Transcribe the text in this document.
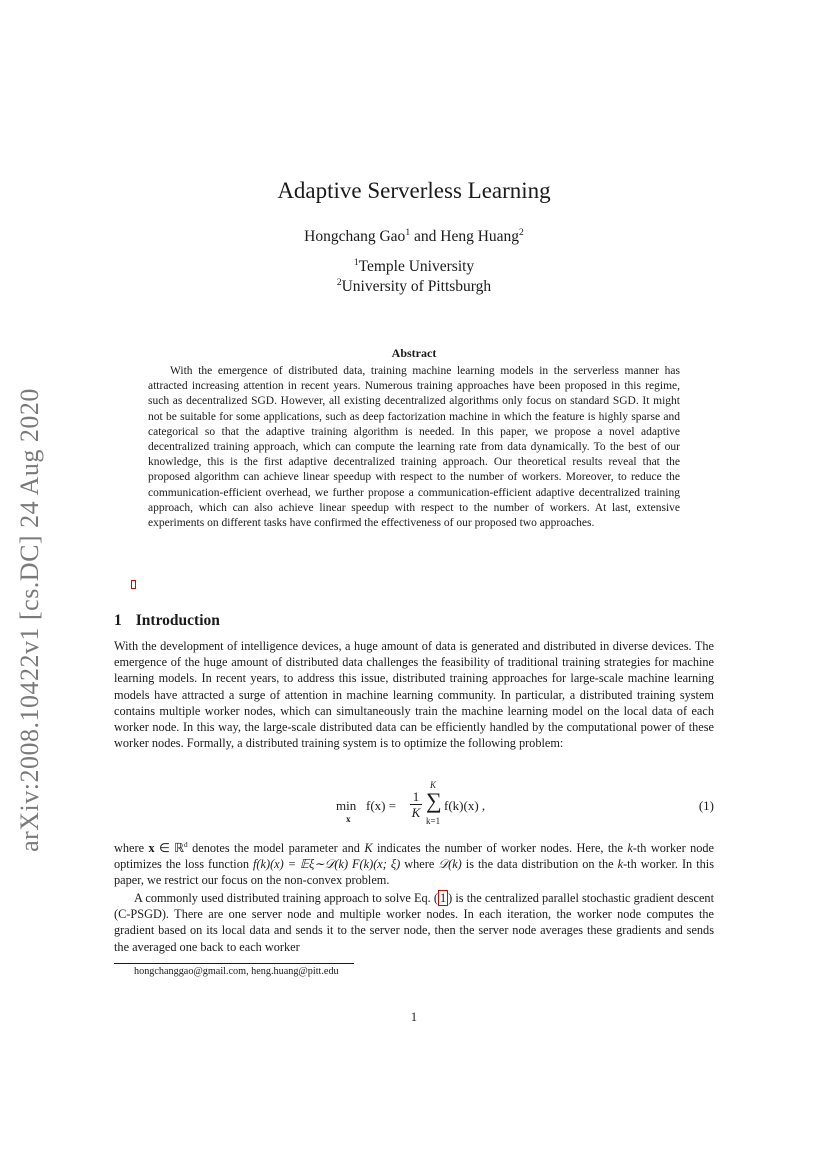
arXiv:2008.10422v1 [cs.DC] 24 Aug 2020
Adaptive Serverless Learning
Hongchang Gao$^1$ and Heng Huang$^2$
$^1$Temple University
$^2$University of Pittsburgh
Abstract

With the emergence of distributed data, training machine learning models in the serverless manner has attracted increasing attention in recent years. Numerous training approaches have been proposed in this regime, such as decentralized SGD. However, all existing decentralized algorithms only focus on standard SGD. It might not be suitable for some applications, such as deep factorization machine in which the feature is highly sparse and categorical so that the adaptive training algorithm is needed. In this paper, we propose a novel adaptive decentralized training approach, which can compute the learning rate from data dynamically. To the best of our knowledge, this is the first adaptive decentralized training approach. Our theoretical results reveal that the proposed algorithm can achieve linear speedup with respect to the number of workers. Moreover, to reduce the communication-efficient overhead, we further propose a communication-efficient adaptive decentralized training approach, which can also achieve linear speedup with respect to the number of workers. At last, extensive experiments on different tasks have confirmed the effectiveness of our proposed two approaches.

1 Introduction

With the development of intelligence devices, a huge amount of data is generated and distributed in diverse devices. The emergence of the huge amount of distributed data challenges the feasibility of traditional training strategies for machine learning models. In recent years, to address this issue, distributed training approaches for large-scale machine learning models have attracted a surge of attention in machine learning community. In particular, a distributed training system contains multiple worker nodes, which can simultaneously train the machine learning model on the local data of each worker node. In this way, the large-scale distributed data can be efficiently handled by the computational power of these worker nodes. Formally, a distributed training system is to optimize the following problem:

min
x
$f(x) = \frac{1}{K}$
K
∑
k=1
f(k)(x) ,	(1)

where x ∈ ℝ$^d$ denotes the model parameter and K indicates the number of worker nodes. Here, the k-th worker node optimizes the loss function f(k)(x) = 𝔼ξ∼𝒟(k) F(k)(x; ξ) where 𝒟(k) is the data distribution on the k-th worker. In this paper, we restrict our focus on the non-convex problem.

A commonly used distributed training approach to solve Eq. ( 1 ) is the centralized parallel stochastic gradient descent (C-PSGD). There are one server node and multiple worker nodes. In each iteration, the worker node computes the gradient based on its local data and sends it to the server node, then the server node averages these gradients and sends the averaged one back to each worker

hongchanggao@gmail.com, heng.huang@pitt.edu
1
